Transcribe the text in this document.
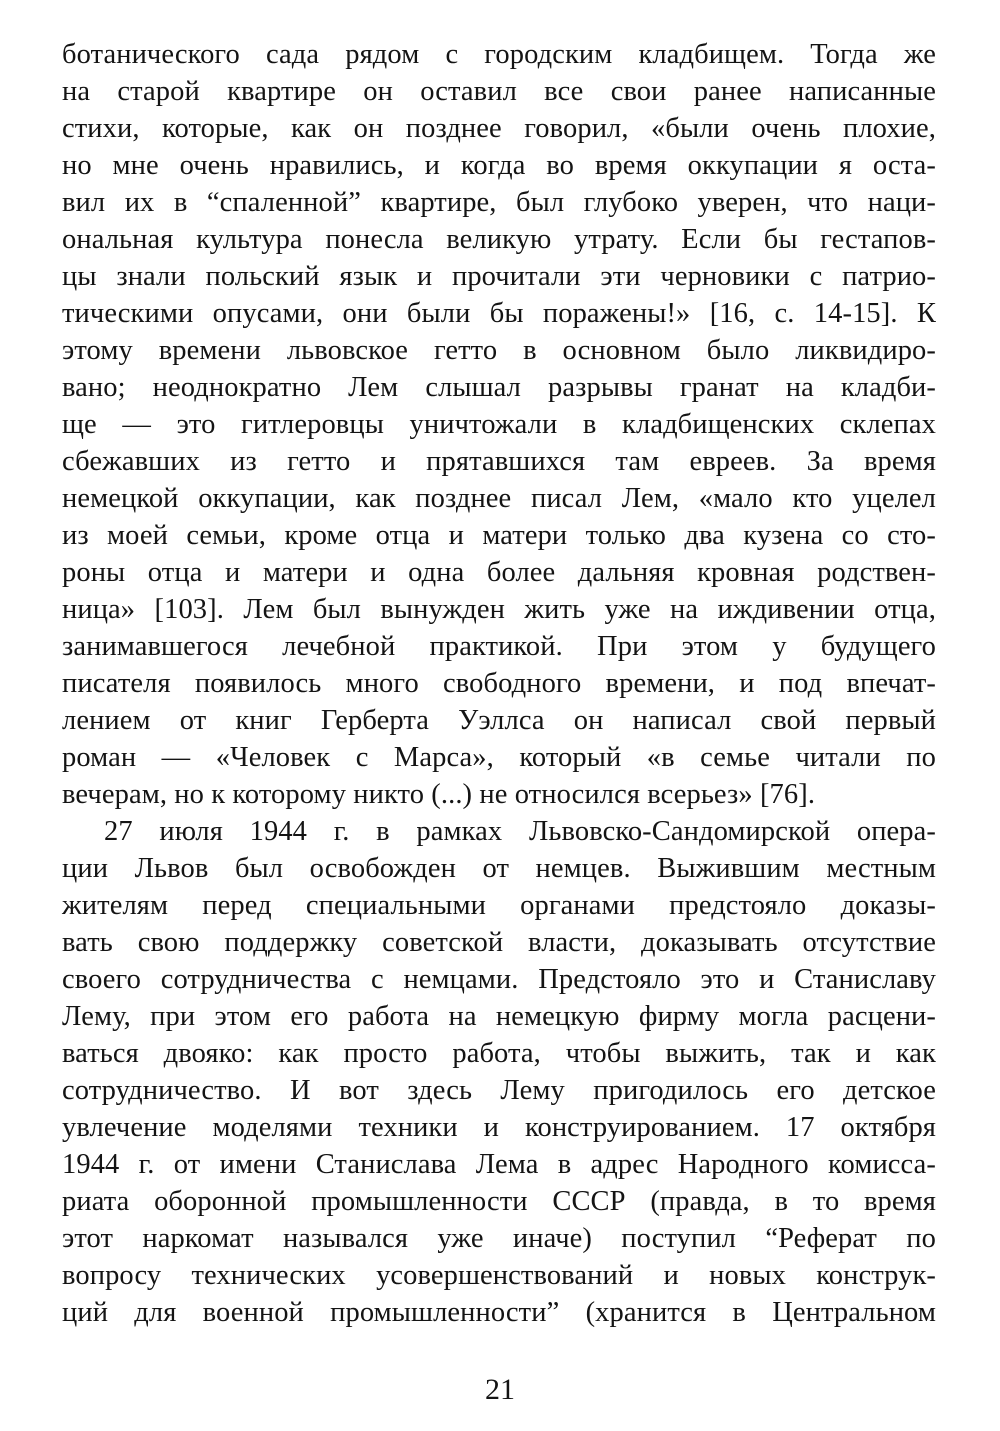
ботанического сада рядом с городским кладбищем. Тогда же
на старой квартире он оставил все свои ранее написанные
стихи, которые, как он позднее говорил, «были очень плохие,
но мне очень нравились, и когда во время оккупации я оста-
вил их в “спаленной” квартире, был глубоко уверен, что наци-
ональная культура понесла великую утрату. Если бы гестапов-
цы знали польский язык и прочитали эти черновики с патрио-
тическими опусами, они были бы поражены!» [16, с. 14-15]. К
этому времени львовское гетто в основном было ликвидиро-
вано; неоднократно Лем слышал разрывы гранат на кладби-
ще — это гитлеровцы уничтожали в кладбищенских склепах
сбежавших из гетто и прятавшихся там евреев. За время
немецкой оккупации, как позднее писал Лем, «мало кто уцелел
из моей семьи, кроме отца и матери только два кузена со сто-
роны отца и матери и одна более дальняя кровная родствен-
ница» [103]. Лем был вынужден жить уже на иждивении отца,
занимавшегося лечебной практикой. При этом у будущего
писателя появилось много свободного времени, и под впечат-
лением от книг Герберта Уэллса он написал свой первый
роман — «Человек с Марса», который «в семье читали по
вечерам, но к которому никто (...) не относился всерьез» [76].
27 июля 1944 г. в рамках Львовско-Сандомирской опера-
ции Львов был освобожден от немцев. Выжившим местным
жителям перед специальными органами предстояло доказы-
вать свою поддержку советской власти, доказывать отсутствие
своего сотрудничества с немцами. Предстояло это и Станиславу
Лему, при этом его работа на немецкую фирму могла расцени-
ваться двояко: как просто работа, чтобы выжить, так и как
сотрудничество. И вот здесь Лему пригодилось его детское
увлечение моделями техники и конструированием. 17 октября
1944 г. от имени Станислава Лема в адрес Народного комисса-
риата оборонной промышленности СССР (правда, в то время
этот наркомат назывался уже иначе) поступил “Реферат по
вопросу технических усовершенствований и новых конструк-
ций для военной промышленности” (хранится в Центральном
21
